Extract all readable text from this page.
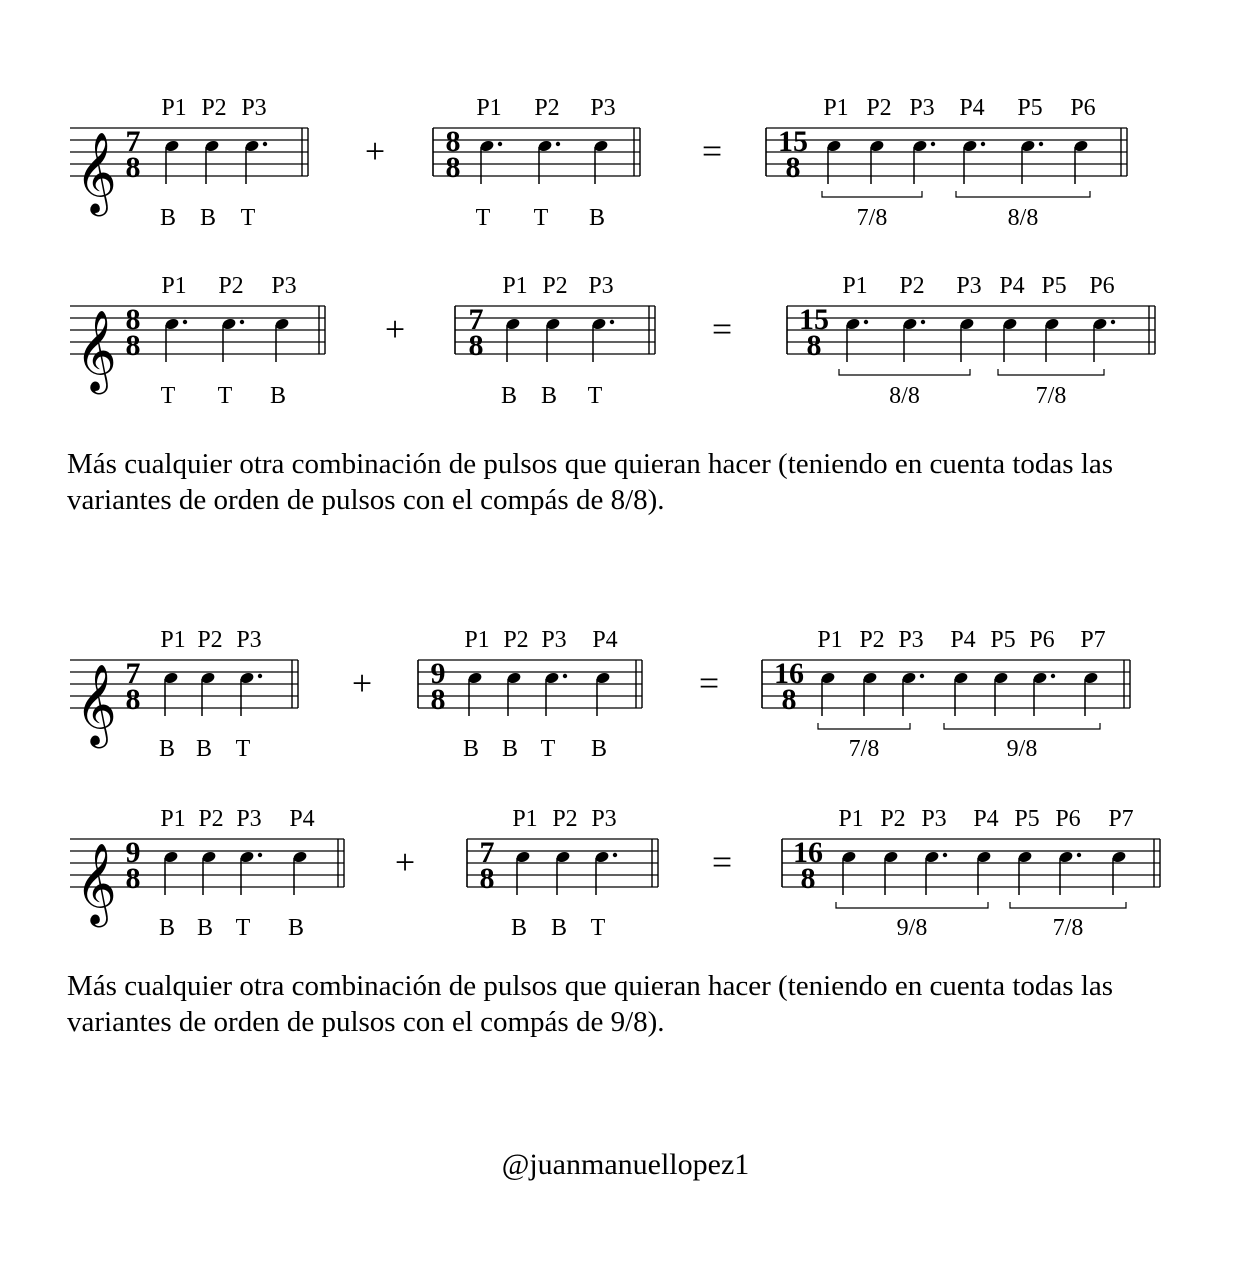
𝄞 7
8
P1 P2 P3
B B T
8
8
P1 P2 P3
T T B
15
8
P1 P2 P3 P4 P5 P6
7/8	8/8
+	=
𝄞 8
8
P1 P2 P3
T T B
7
8
P1 P2 P3
B B T
15
8
P1 P2 P3 P4 P5 P6
8/8	7/8
+	=
𝄞 7
8
P1 P2 P3
B B T
9
8
P1 P2 P3 P4
B B T B
16
8
P1 P2 P3 P4 P5 P6 P7
7/8	9/8
+	=
𝄞 9
8
P1 P2 P3 P4
B B T B
7
8
P1 P2 P3
B B T
16
8
P1 P2 P3 P4 P5 P6 P7
9/8	7/8
+	=

Más cualquier otra combinación de pulsos que quieran hacer (teniendo en cuenta todas las variantes de orden de pulsos con el compás de 8/8).

Más cualquier otra combinación de pulsos que quieran hacer (teniendo en cuenta todas las variantes de orden de pulsos con el compás de 9/8).

@juanmanuellopez1
